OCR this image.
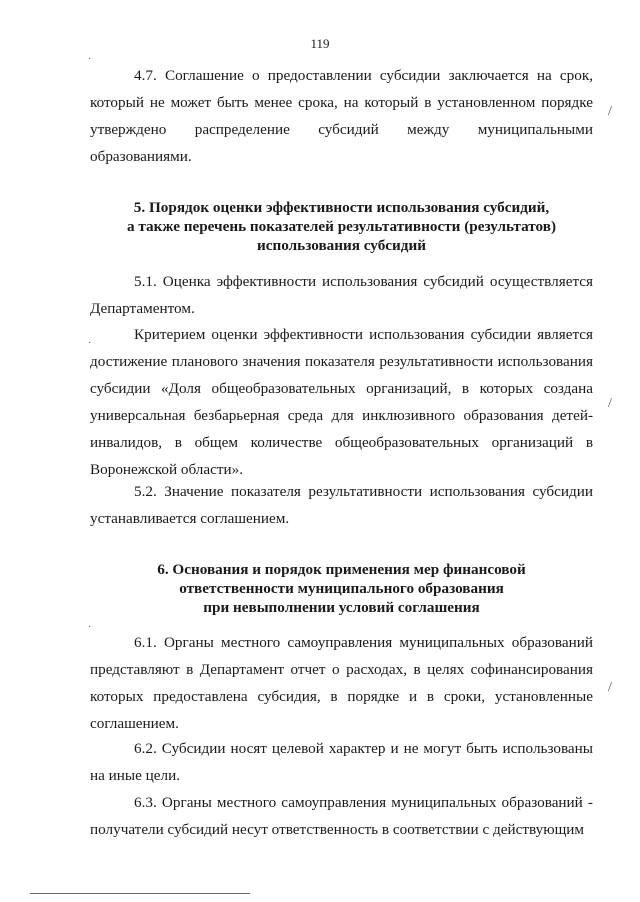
119

4.7. Соглашение о предоставлении субсидии заключается на срок, который не может быть менее срока, на который в установленном порядке утверждено распределение субсидий между муниципальными образованиями.

5. Порядок оценки эффективности использования субсидий,
а также перечень показателей результативности (результатов)
использования субсидий

5.1. Оценка эффективности использования субсидий осуществляется Департаментом.

Критерием оценки эффективности использования субсидии является достижение планового значения показателя результативности использования субсидии «Доля общеобразовательных организаций, в которых создана универсальная безбарьерная среда для инклюзивного образования детей-инвалидов, в общем количестве общеобразовательных организаций в Воронежской области».

5.2. Значение показателя результативности использования субсидии устанавливается соглашением.

6. Основания и порядок применения мер финансовой
ответственности муниципального образования
при невыполнении условий соглашения

6.1. Органы местного самоуправления муниципальных образований представляют в Департамент отчет о расходах, в целях софинансирования которых предоставлена субсидия, в порядке и в сроки, установленные соглашением.

6.2. Субсидии носят целевой характер и не могут быть использованы на иные цели.

6.3. Органы местного самоуправления муниципальных образований - получатели субсидий несут ответственность в соответствии с действующим

/
/
/
·
·
·
